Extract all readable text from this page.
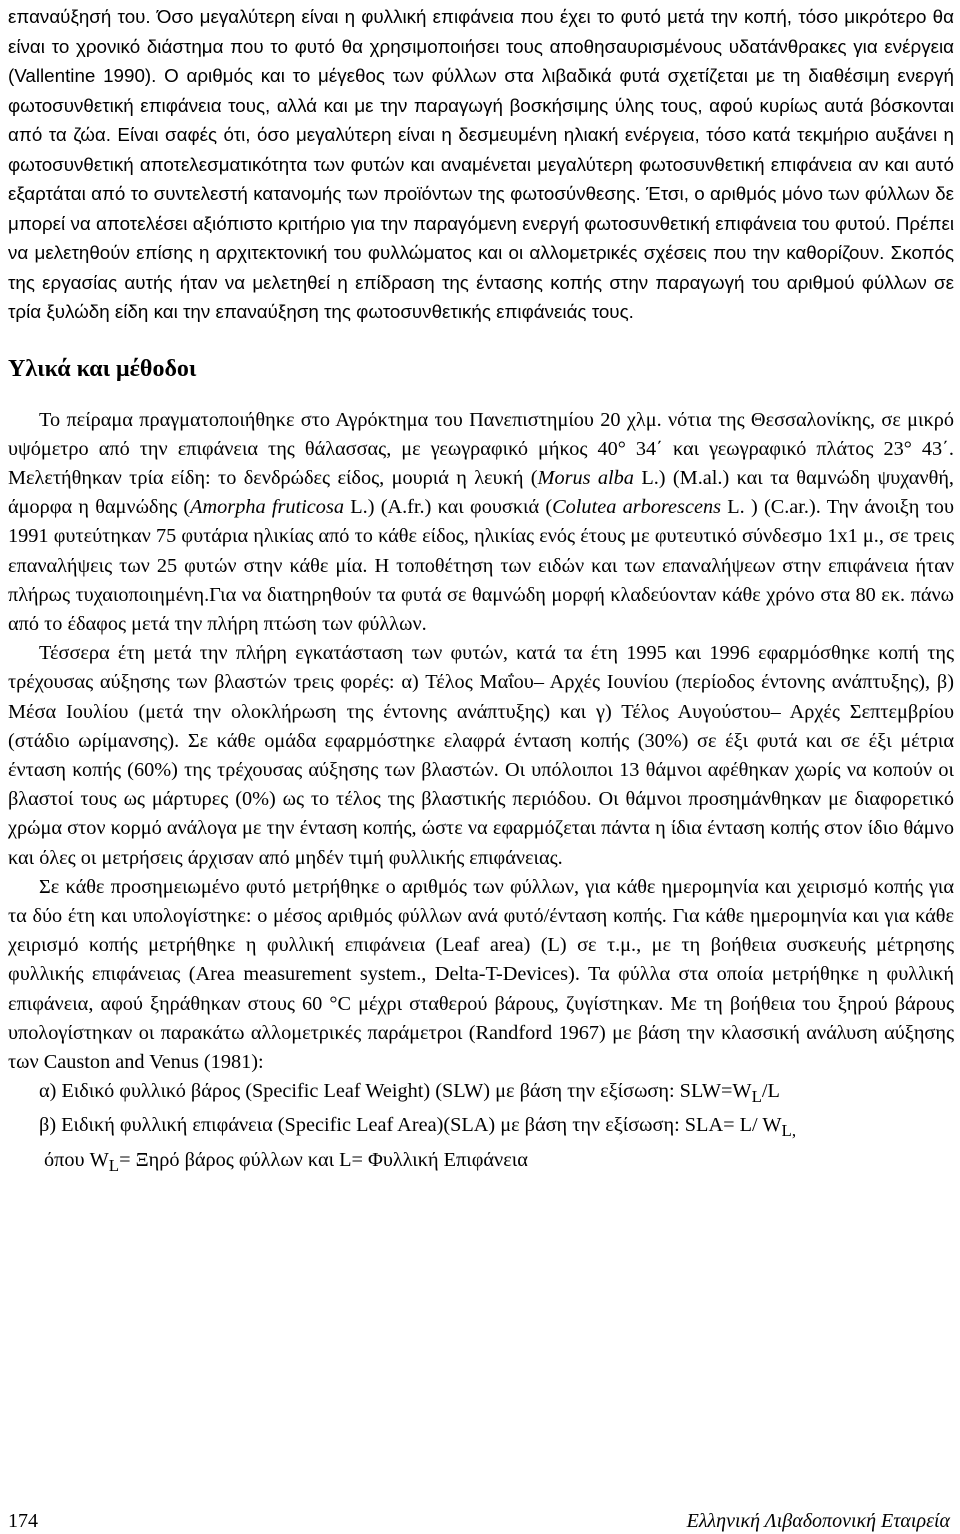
επαναύξησή του. Όσο μεγαλύτερη είναι η φυλλική επιφάνεια που έχει το φυτό μετά την κοπή, τόσο μικρότερο θα είναι το χρονικό διάστημα που το φυτό θα χρησιμοποιήσει τους αποθησαυρισμένους υδατάνθρακες για ενέργεια (Vallentine 1990). Ο αριθμός και το μέγεθος των φύλλων στα λιβαδικά φυτά σχετίζεται με τη διαθέσιμη ενεργή φωτοσυνθετική επιφάνεια τους, αλλά και με την παραγωγή βοσκήσιμης ύλης τους, αφού κυρίως αυτά βόσκονται από τα ζώα. Είναι σαφές ότι, όσο μεγαλύτερη είναι η δεσμευμένη ηλιακή ενέργεια, τόσο κατά τεκμήριο αυξάνει η φωτοσυνθετική αποτελεσματικότητα των φυτών και αναμένεται μεγαλύτερη φωτοσυνθετική επιφάνεια αν και αυτό εξαρτάται από το συντελεστή κατανομής των προϊόντων της φωτοσύνθεσης. Έτσι, ο αριθμός μόνο των φύλλων δε μπορεί να αποτελέσει αξιόπιστο κριτήριο για την παραγόμενη ενεργή φωτοσυνθετική επιφάνεια του φυτού. Πρέπει να μελετηθούν επίσης η αρχιτεκτονική του φυλλώματος και οι αλλομετρικές σχέσεις που την καθορίζουν. Σκοπός της εργασίας αυτής ήταν να μελετηθεί η επίδραση της έντασης κοπής στην παραγωγή του αριθμού φύλλων σε τρία ξυλώδη είδη και την επαναύξηση της φωτοσυνθετικής επιφάνειάς τους.

Υλικά και μέθοδοι

Το πείραμα πραγματοποιήθηκε στο Αγρόκτημα του Πανεπιστημίου 20 χλμ. νότια της Θεσσαλονίκης, σε μικρό υψόμετρο από την επιφάνεια της θάλασσας, με γεωγραφικό μήκος 40° 34΄ και γεωγραφικό πλάτος 23° 43΄. Μελετήθηκαν τρία είδη: το δενδρώδες είδος, μουριά η λευκή (Morus alba L.) (M.al.) και τα θαμνώδη ψυχανθή, άμορφα η θαμνώδης (Amorpha fruticosa L.) (A.fr.) και φουσκιά (Colutea arborescens L. ) (C.ar.). Την άνοιξη του 1991 φυτεύτηκαν 75 φυτάρια ηλικίας από το κάθε είδος, ηλικίας ενός έτους με φυτευτικό σύνδεσμο 1x1 μ., σε τρεις επαναλήψεις των 25 φυτών στην κάθε μία. Η τοποθέτηση των ειδών και των επαναλήψεων στην επιφάνεια ήταν πλήρως τυχαιοποιημένη.Για να διατηρηθούν τα φυτά σε θαμνώδη μορφή κλαδεύονταν κάθε χρόνο στα 80 εκ. πάνω από το έδαφος μετά την πλήρη πτώση των φύλλων.

Τέσσερα έτη μετά την πλήρη εγκατάσταση των φυτών, κατά τα έτη 1995 και 1996 εφαρμόσθηκε κοπή της τρέχουσας αύξησης των βλαστών τρεις φορές: α) Τέλος Μαΐου– Αρχές Ιουνίου (περίοδος έντονης ανάπτυξης), β) Μέσα Ιουλίου (μετά την ολοκλήρωση της έντονης ανάπτυξης) και γ) Τέλος Αυγούστου– Αρχές Σεπτεμβρίου (στάδιο ωρίμανσης). Σε κάθε ομάδα εφαρμόστηκε ελαφρά ένταση κοπής (30%) σε έξι φυτά και σε έξι μέτρια ένταση κοπής (60%) της τρέχουσας αύξησης των βλαστών. Οι υπόλοιποι 13 θάμνοι αφέθηκαν χωρίς να κοπούν οι βλαστοί τους ως μάρτυρες (0%) ως το τέλος της βλαστικής περιόδου. Οι θάμνοι προσημάνθηκαν με διαφορετικό χρώμα στον κορμό ανάλογα με την ένταση κοπής, ώστε να εφαρμόζεται πάντα η ίδια ένταση κοπής στον ίδιο θάμνο και όλες οι μετρήσεις άρχισαν από μηδέν τιμή φυλλικής επιφάνειας.

Σε κάθε προσημειωμένο φυτό μετρήθηκε ο αριθμός των φύλλων, για κάθε ημερομηνία και χειρισμό κοπής για τα δύο έτη και υπολογίστηκε: ο μέσος αριθμός φύλλων ανά φυτό/ένταση κοπής. Για κάθε ημερομηνία και για κάθε χειρισμό κοπής μετρήθηκε η φυλλική επιφάνεια (Leaf area) (L) σε τ.μ., με τη βοήθεια συσκευής μέτρησης φυλλικής επιφάνειας (Area measurement system., Delta-T-Devices). Τα φύλλα στα οποία μετρήθηκε η φυλλική επιφάνεια, αφού ξηράθηκαν στους 60 °C μέχρι σταθερού βάρους, ζυγίστηκαν. Με τη βοήθεια του ξηρού βάρους υπολογίστηκαν οι παρακάτω αλλομετρικές παράμετροι (Randford 1967) με βάση την κλασσική ανάλυση αύξησης των Causton and Venus (1981):

α) Ειδικό φυλλικό βάρος (Specific Leaf Weight) (SLW) με βάση την εξίσωση: $SLW=W_L/L$

β) Ειδική φυλλική επιφάνεια (Specific Leaf Area)(SLA) με βάση την εξίσωση: SLA= L/ $W_{L,}$

όπου $W_L= \Xi\eta\rho ό$ βάρος φύλλων και L= Φυλλική Επιφάνεια

174	Ελληνική Λιβαδοπονική Εταιρεία
